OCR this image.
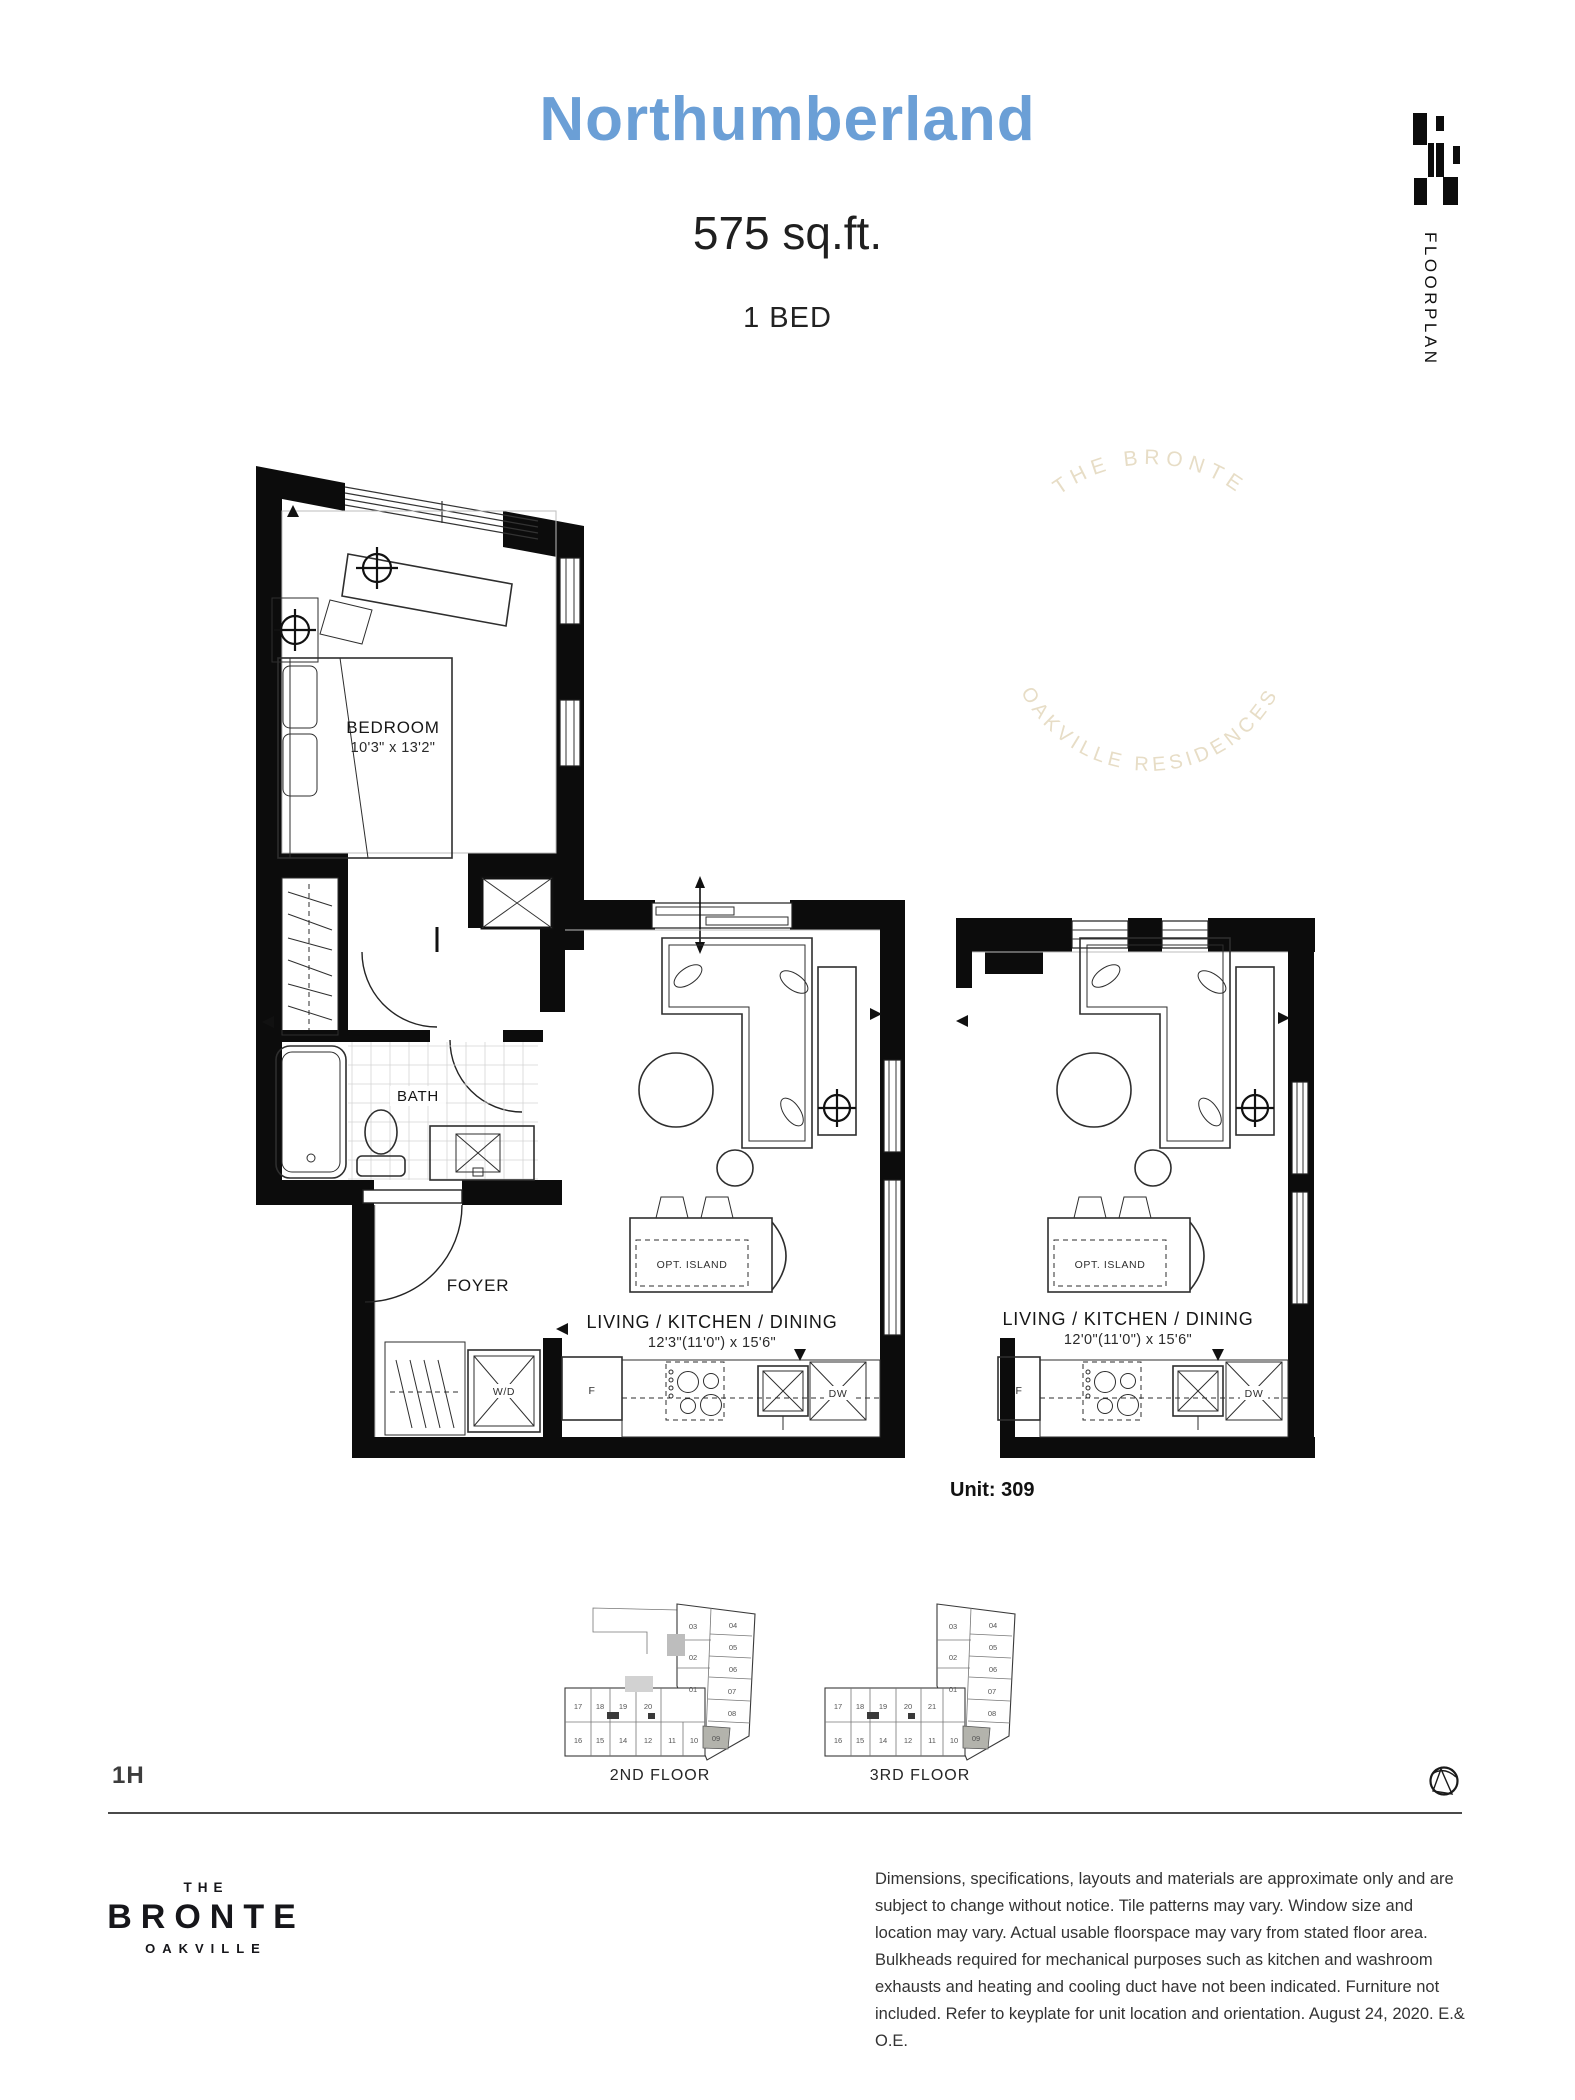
Northumberland
575 sq.ft.
1 BED	FLOORPLAN
THE BRONTE
OAKVILLE RESIDENCES
BATH
FOYER
W/D
OPT. ISLAND
F	DW
BEDROOM
10'3" x 13'2"
LIVING / KITCHEN / DINING
12'3"(11'0") x 15'6"
OPT. ISLAND
F	DW
LIVING / KITCHEN / DINING
12'0"(11'0") x 15'6"
Unit: 309
17 18 19 20
16 15 14 12 11 10
03
02
01
04
05
06
07
08
09
2ND FLOOR
17 18 19 20 21
16 15 14 12 11 10
03
02
01
04
05
06
07
08
09
3RD FLOOR
1H
THE
BRONTE
OAKVILLE
Dimensions, specifications, layouts and materials are approximate only and are subject to change without notice. Tile patterns may vary. Window size and location may vary. Actual usable floorspace may vary from stated floor area. Bulkheads required for mechanical purposes such as kitchen and washroom exhausts and heating and cooling duct have not been indicated. Furniture not included. Refer to keyplate for unit location and orientation. August 24, 2020. E.& O.E.
